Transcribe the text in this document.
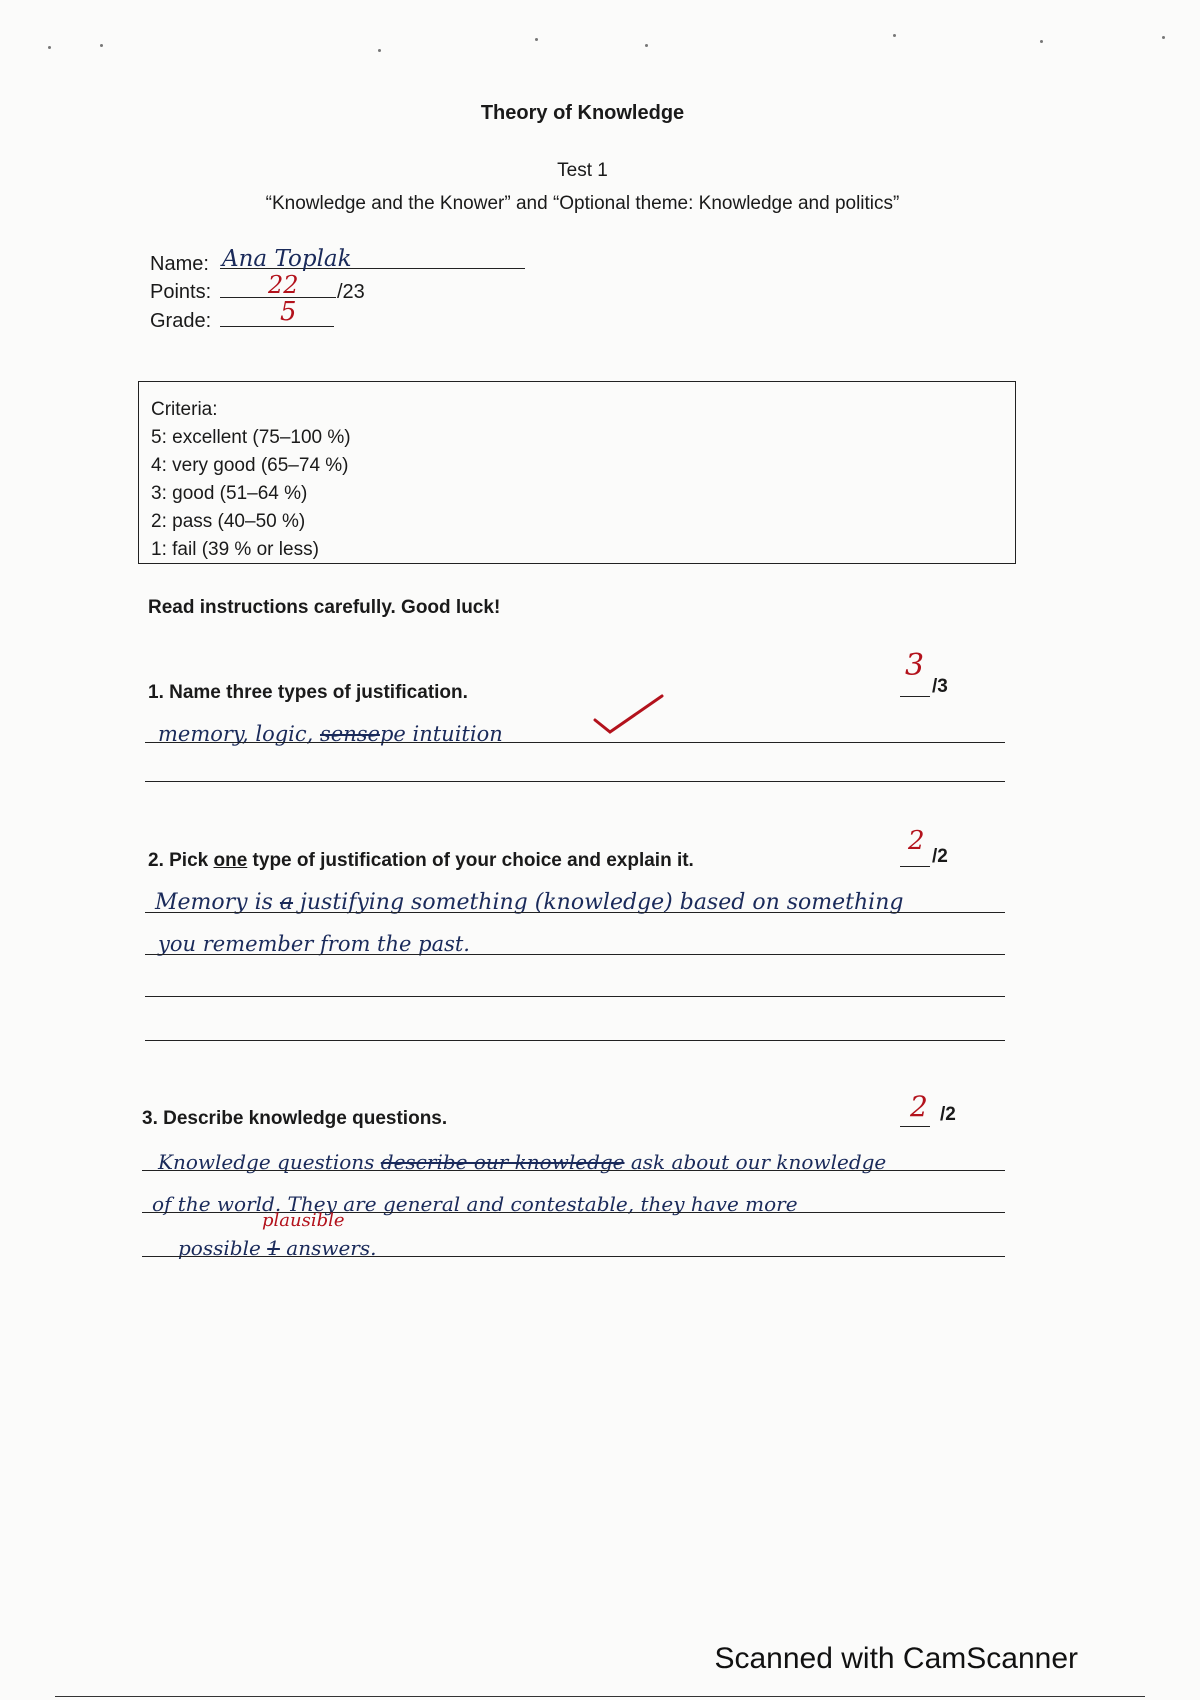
Theory of Knowledge
Test 1
“Knowledge and the Knower” and “Optional theme: Knowledge and politics”
Name: Ana Toplak
Points: 22 /23
Grade:	5
Criteria:
5: excellent (75–100 %)
4: very good (65–74 %)
3: good (51–64 %)
2: pass (40–50 %)
1: fail (39 % or less)
Read instructions carefully. Good luck!
1. Name three types of justification.
3
/3
memory, logic, sensepe intuition
2. Pick one type of justification of your choice and explain it.
2
/2
Memory is a justifying something (knowledge) based on something
you remember from the past.
3. Describe knowledge questions.	2 /2
Knowledge questions describe our knowledge ask about our knowledge
of the world. They are general and contestable, they have more
plausible
possible 1 answers.
Scanned with CamScanner
